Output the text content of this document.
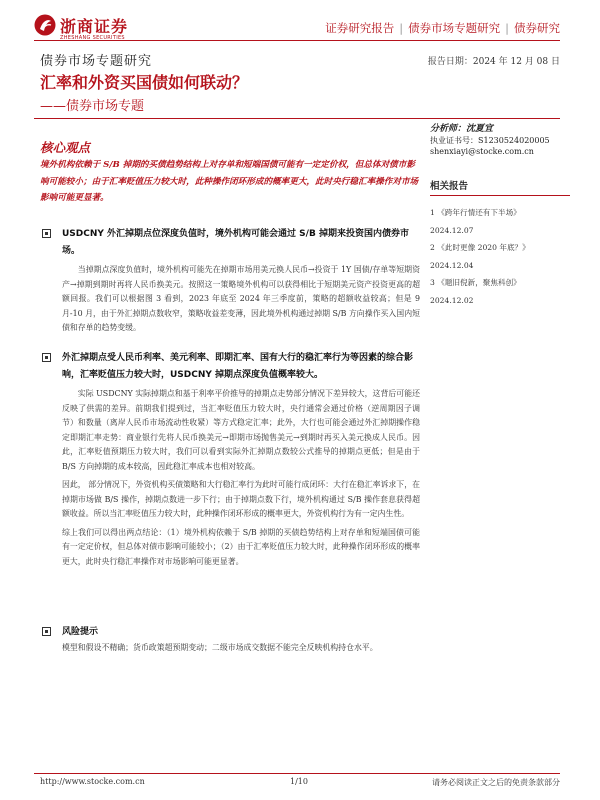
浙商证券
ZHESHANG SECURITIES
证券研究报告 | 债券市场专题研究 | 债券研究
债券市场专题研究	报告日期：2024 年 12 月 08 日
汇率和外资买国债如何联动？
——债券市场专题
核心观点
境外机构依赖于 S/B 掉期的买债趋势结构上对存单和短端国债可能有一定定价权，但总体对债市影响可能较小；由于汇率贬值压力较大时，此种操作闭环形成的概率更大，此时央行稳汇率操作对市场影响可能更显著。
分析师：沈夏宜
执业证书号：S1230524020005
shenxiayi@stocke.com.cn
相关报告
1 《跨年行情还有下半场》
2024.12.07
2 《此时更像 2020 年底？》
2024.12.04
3 《题旧倪新，聚焦科创》
2024.12.02
USDCNY 外汇掉期点位深度负值时，境外机构可能会通过 S/B 掉期来投资国内债券市场。

当掉期点深度负值时，境外机构可能先在掉期市场用美元换人民币→投资于 1Y 国债/存单等短期资产→掉期到期时再将人民币换美元。按照这一策略境外机构可以获得相比于短期美元资产投资更高的超额回报。我们可以根据图 3 看到，2023 年底至 2024 年三季度前，策略的超额收益较高；但是 9 月-10 月，由于外汇掉期点数收窄，策略收益差变薄，因此境外机构通过掉期 S/B 方向操作买入国内短债和存单的趋势变缓。

外汇掉期点受人民币利率、美元利率、即期汇率、国有大行的稳汇率行为等因素的综合影响，汇率贬值压力较大时，USDCNY 掉期点深度负值概率较大。

实际 USDCNY 实际掉期点和基于利率平价推导的掉期点走势部分情况下差异较大，这背后可能还反映了供需的差异。前期我们提到过，当汇率贬值压力较大时，央行通常会通过价格（逆周期因子调节）和数量（离岸人民币市场流动性收紧）等方式稳定汇率；此外，大行也可能会通过外汇掉期操作稳定即期汇率走势：商业银行先将人民币换美元→即期市场抛售美元→到期时再买入美元换成人民币。因此，汇率贬值预期压力较大时，我们可以看到实际外汇掉期点数较公式推导的掉期点更低；但是由于 B/S 方向掉期的成本较高，因此稳汇率成本也相对较高。

因此， 部分情况下，外资机构买债策略和大行稳汇率行为此时可能行成闭环：大行在稳汇率诉求下，在掉期市场做 B/S 操作，掉期点数进一步下行；由于掉期点数下行，境外机构通过 S/B 操作套息获得超额收益。所以当汇率贬值压力较大时，此种操作闭环形成的概率更大，外资机构行为有一定内生性。

综上我们可以得出两点结论：（1）境外机构依赖于 S/B 掉期的买债趋势结构上对存单和短端国债可能有一定定价权，但总体对债市影响可能较小；（2）由于汇率贬值压力较大时，此种操作闭环形成的概率更大，此时央行稳汇率操作对市场影响可能更显著。

风险提示

模型和假设不精确；货币政策超预期变动；二级市场成交数据不能完全反映机构持仓水平。

http://www.stocke.com.cn	1/10	请务必阅读正文之后的免责条款部分
